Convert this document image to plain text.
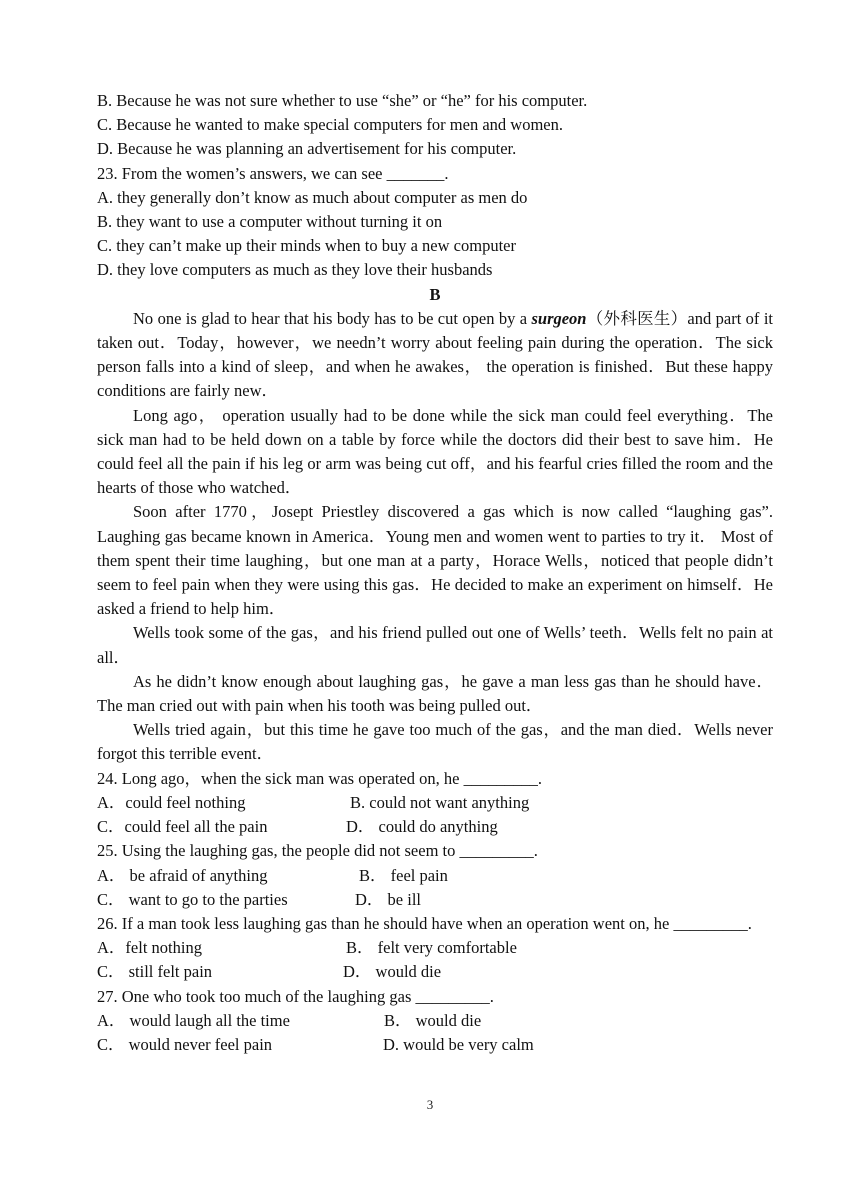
B. Because he was not sure whether to use “she” or “he” for his computer.

C. Because he wanted to make special computers for men and women.

D. Because he was planning an advertisement for his computer.

23. From the women’s answers, we can see _______.

A. they generally don’t know as much about computer as men do

B. they want to use a computer without turning it on

C. they can’t make up their minds when to buy a new computer

D. they love computers as much as they love their husbands

B

No one is glad to hear that his body has to be cut open by a surgeon（外科医生）and part of it taken out．Today，however，we needn’t worry about feeling pain during the operation．The sick person falls into a kind of sleep，and when he awakes， the operation is finished．But these happy conditions are fairly new．

Long ago， operation usually had to be done while the sick man could feel everything．The sick man had to be held down on a table by force while the doctors did their best to save him．He could feel all the pain if his leg or arm was being cut off，and his fearful cries filled the room and the hearts of those who watched．

Soon after 1770，Josept Priestley discovered a gas which is now called “laughing gas”. Laughing gas became known in America．Young men and women went to parties to try it． Most of them spent their time laughing，but one man at a party，Horace Wells，noticed that people didn’t seem to feel pain when they were using this gas．He decided to make an experiment on himself．He asked a friend to help him．

Wells took some of the gas，and his friend pulled out one of Wells’ teeth．Wells felt no pain at all．

As he didn’t know enough about laughing gas，he gave a man less gas than he should have．The man cried out with pain when his tooth was being pulled out．

Wells tried again，but this time he gave too much of the gas，and the man died．Wells never forgot this terrible event．

24. Long ago，when the sick man was operated on, he _________.

A．could feel nothing	B. could not want anything
C．could feel all the pain	D． could do anything

25. Using the laughing gas, the people did not seem to _________.

A． be afraid of anything	B． feel pain
C． want to go to the parties	D． be ill

26. If a man took less laughing gas than he should have when an operation went on, he _________.

A．felt nothing	B． felt very comfortable
C． still felt pain	D． would die

27. One who took too much of the laughing gas _________.

A． would laugh all the time	B． would die
C． would never feel pain	D. would be very calm
3
